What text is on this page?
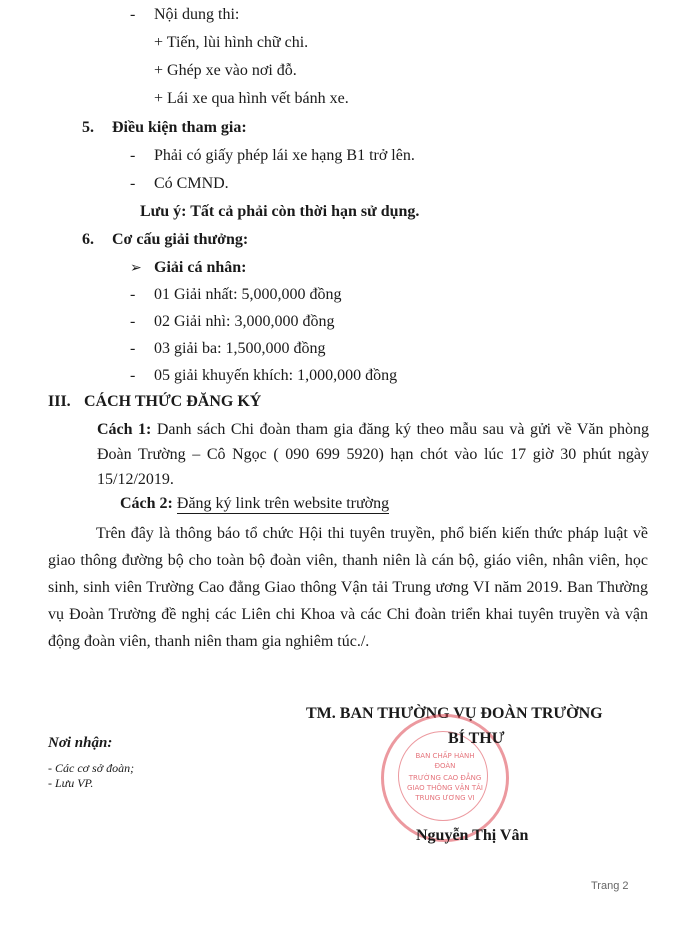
- Nội dung thi:
+ Tiến, lùi hình chữ chi.
+ Ghép xe vào nơi đỗ.
+ Lái xe qua hình vết bánh xe.
5. Điều kiện tham gia:
- Phải có giấy phép lái xe hạng B1 trở lên.
- Có CMND.
Lưu ý: Tất cả phải còn thời hạn sử dụng.
6. Cơ cấu giải thưởng:
➢ Giải cá nhân:
- 01 Giải nhất: 5,000,000 đồng
- 02 Giải nhì: 3,000,000 đồng
- 03 giải ba: 1,500,000 đồng
- 05 giải khuyến khích: 1,000,000 đồng
III. CÁCH THỨC ĐĂNG KÝ
Cách 1: Danh sách Chi đoàn tham gia đăng ký theo mẫu sau và gửi về Văn phòng Đoàn Trường – Cô Ngọc ( 090 699 5920) hạn chót vào lúc 17 giờ 30 phút ngày 15/12/2019.
Cách 2: Đăng ký link trên website trường
Trên đây là thông báo tổ chức Hội thi tuyên truyền, phổ biến kiến thức pháp luật về giao thông đường bộ cho toàn bộ đoàn viên, thanh niên là cán bộ, giáo viên, nhân viên, học sinh, sinh viên Trường Cao đẳng Giao thông Vận tải Trung ương VI năm 2019. Ban Thường vụ Đoàn Trường đề nghị các Liên chi Khoa và các Chi đoàn triển khai tuyên truyền và vận động đoàn viên, thanh niên tham gia nghiêm túc./.
Nơi nhận:
- Các cơ sở đoàn;
- Lưu VP.
TM. BAN THƯỜNG VỤ ĐOÀN TRƯỜNG
BAN CHẤP HÀNH
ĐOÀN
TRƯỜNG CAO ĐẲNG
GIAO THÔNG VẬN TẢI
TRUNG ƯƠNG VI
BÍ THƯ
Nguyễn Thị Vân
Trang 2
